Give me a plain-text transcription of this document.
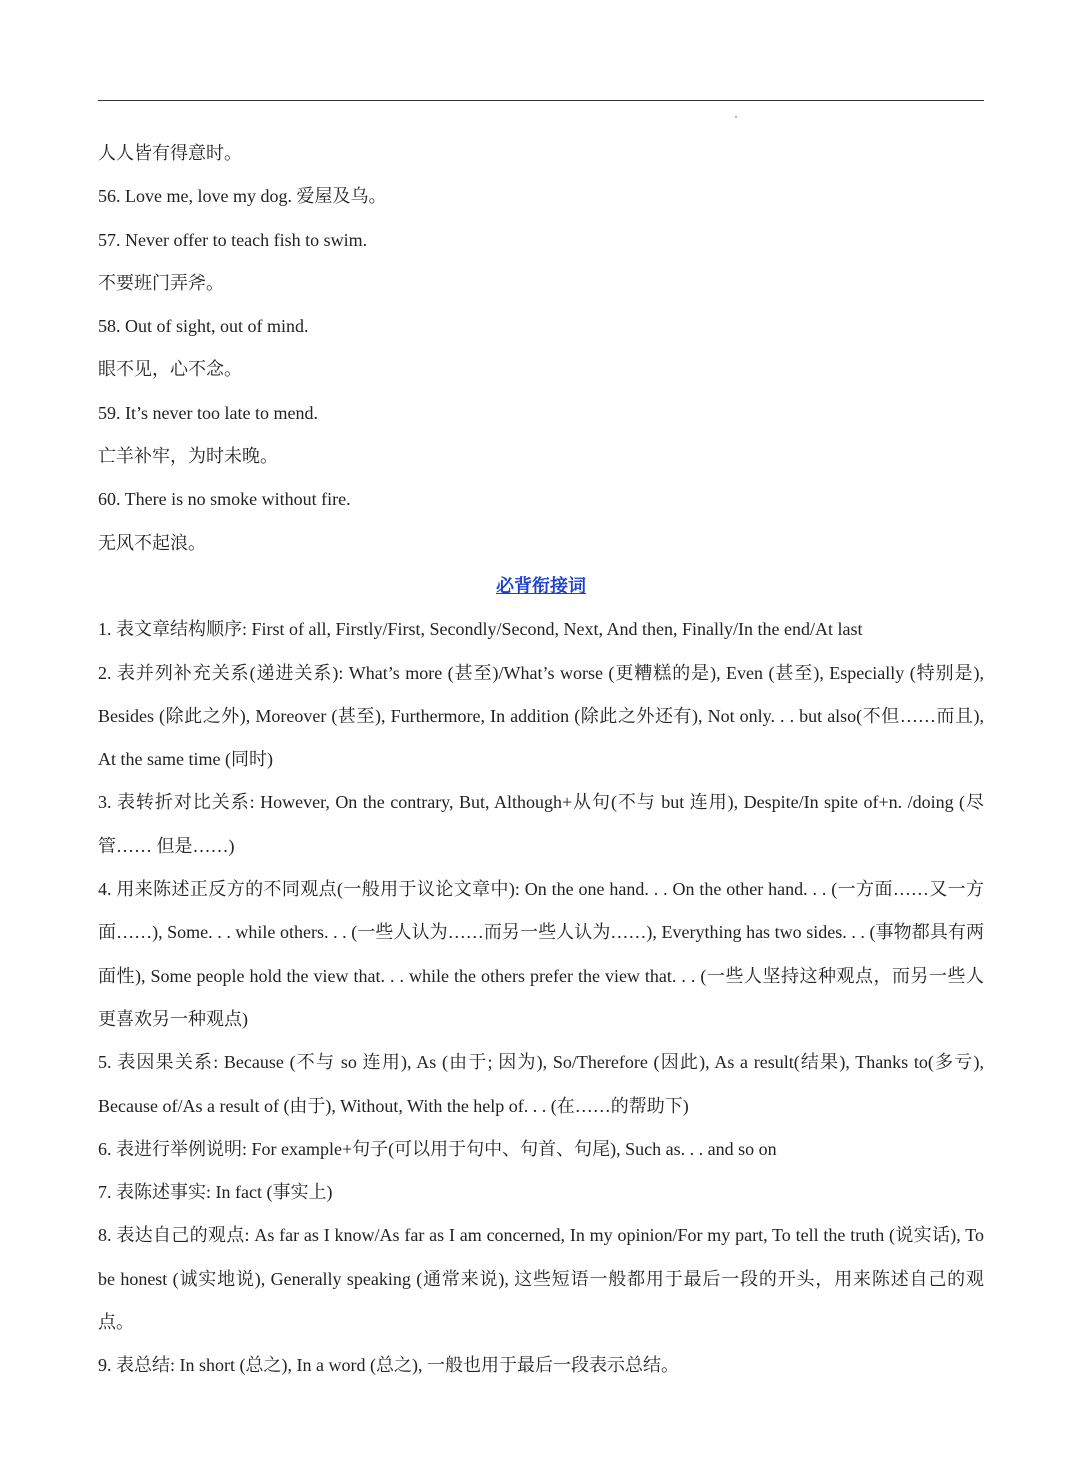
人人皆有得意时。

56. Love me, love my dog. 爱屋及乌。

57. Never offer to teach fish to swim.

不要班门弄斧。

58. Out of sight, out of mind.

眼不见，心不念。

59. It’s never too late to mend.

亡羊补牢，为时未晚。

60. There is no smoke without fire.

无风不起浪。

必背衔接词

1. 表文章结构顺序: First of all, Firstly/First, Secondly/Second, Next, And then, Finally/In the end/At last

2. 表并列补充关系(递进关系): What’s more (甚至)/What’s worse (更糟糕的是), Even (甚至), Especially (特别是), Besides (除此之外), Moreover (甚至), Furthermore, In addition (除此之外还有), Not only. . . but also(不但……而且), At the same time (同时)

3. 表转折对比关系: However, On the contrary, But, Although+从句(不与 but 连用), Despite/In spite of+n. /doing (尽管…… 但是……)

4. 用来陈述正反方的不同观点(一般用于议论文章中): On the one hand. . . On the other hand. . . (一方面……又一方面……), Some. . . while others. . . (一些人认为……而另一些人认为……), Everything has two sides. . . (事物都具有两面性), Some people hold the view that. . . while the others prefer the view that. . . (一些人坚持这种观点，而另一些人更喜欢另一种观点)

5. 表因果关系: Because (不与 so 连用), As (由于; 因为), So/Therefore (因此), As a result(结果), Thanks to(多亏), Because of/As a result of (由于), Without, With the help of. . . (在……的帮助下)

6. 表进行举例说明: For example+句子(可以用于句中、句首、句尾), Such as. . . and so on

7. 表陈述事实: In fact (事实上)

8. 表达自己的观点: As far as I know/As far as I am concerned, In my opinion/For my part, To tell the truth (说实话), To be honest (诚实地说), Generally speaking (通常来说), 这些短语一般都用于最后一段的开头，用来陈述自己的观点。

9. 表总结: In short (总之), In a word (总之), 一般也用于最后一段表示总结。
